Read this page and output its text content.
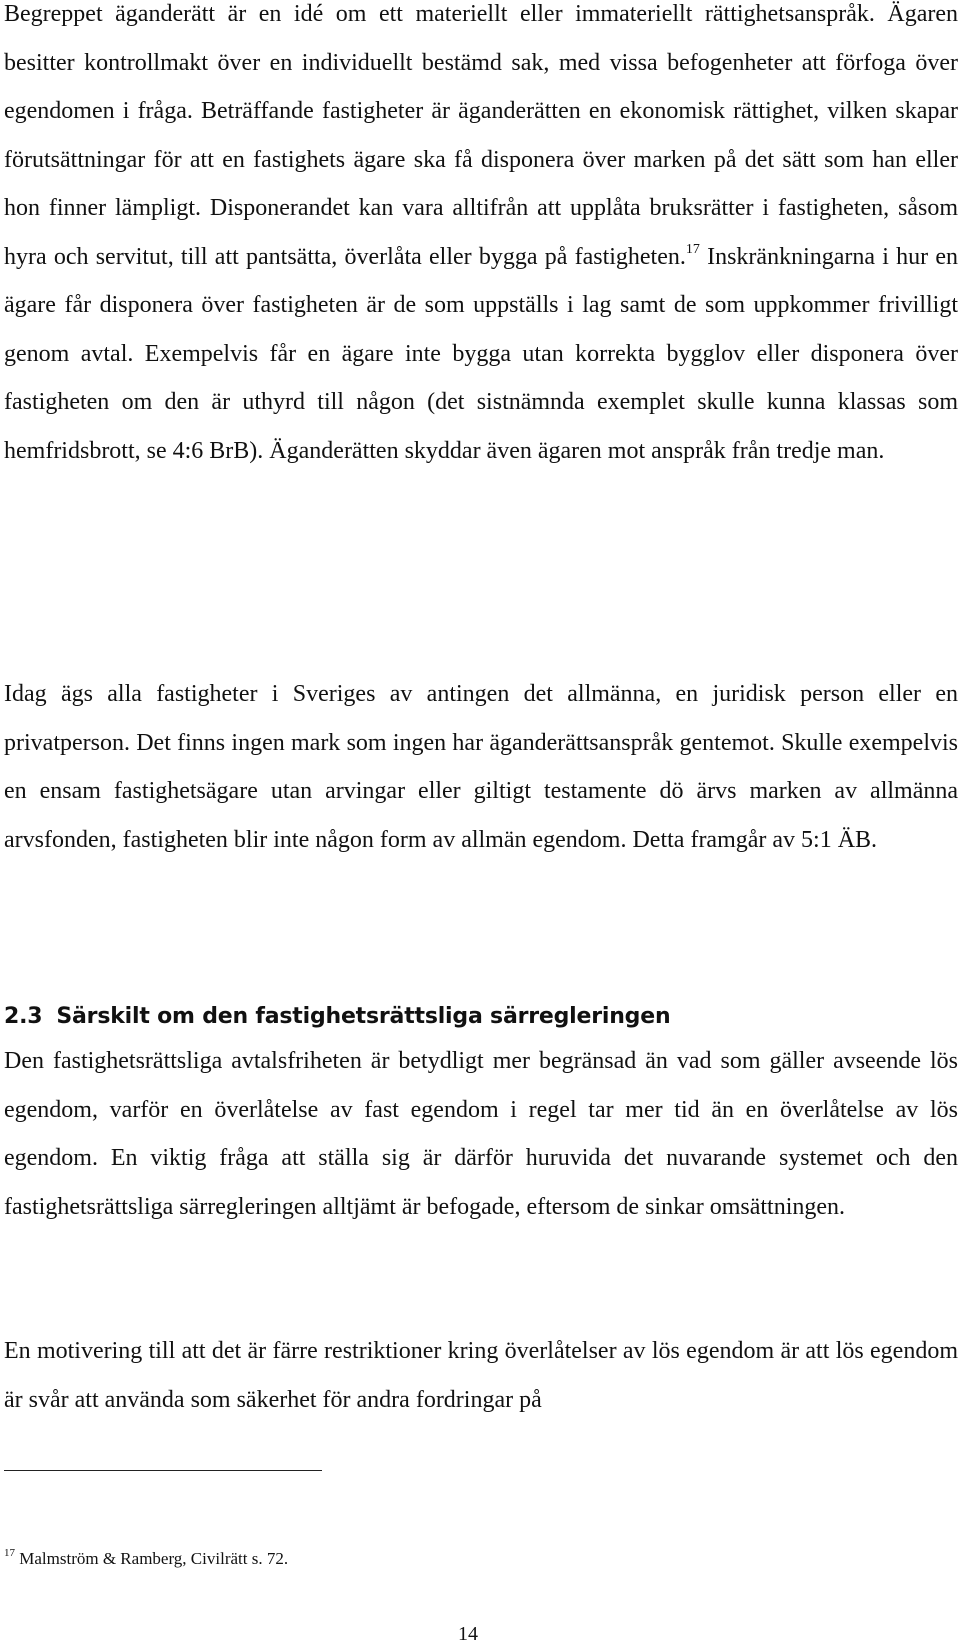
Begreppet äganderätt är en idé om ett materiellt eller immateriellt rättighetsanspråk. Ägaren besitter kontrollmakt över en individuellt bestämd sak, med vissa befogenheter att förfoga över egendomen i fråga. Beträffande fastigheter är äganderätten en ekonomisk rättighet, vilken skapar förutsättningar för att en fastighets ägare ska få disponera över marken på det sätt som han eller hon finner lämpligt. Disponerandet kan vara alltifrån att upplåta bruksrätter i fastigheten, såsom hyra och servitut, till att pantsätta, överlåta eller bygga på fastigheten.$^{17}$ Inskränkningarna i hur en ägare får disponera över fastigheten är de som uppställs i lag samt de som uppkommer frivilligt genom avtal. Exempelvis får en ägare inte bygga utan korrekta bygglov eller disponera över fastigheten om den är uthyrd till någon (det sistnämnda exemplet skulle kunna klassas som hemfridsbrott, se 4:6 BrB). Äganderätten skyddar även ägaren mot anspråk från tredje man.

Idag ägs alla fastigheter i Sveriges av antingen det allmänna, en juridisk person eller en privatperson. Det finns ingen mark som ingen har äganderättsanspråk gentemot. Skulle exempelvis en ensam fastighetsägare utan arvingar eller giltigt testamente dö ärvs marken av allmänna arvsfonden, fastigheten blir inte någon form av allmän egendom. Detta framgår av 5:1 ÄB.

2.3 Särskilt om den fastighetsrättsliga särregleringen

Den fastighetsrättsliga avtalsfriheten är betydligt mer begränsad än vad som gäller avseende lös egendom, varför en överlåtelse av fast egendom i regel tar mer tid än en överlåtelse av lös egendom. En viktig fråga att ställa sig är därför huruvida det nuvarande systemet och den fastighetsrättsliga särregleringen alltjämt är befogade, eftersom de sinkar omsättningen.

En motivering till att det är färre restriktioner kring överlåtelser av lös egendom är att lös egendom är svår att använda som säkerhet för andra fordringar på

$^{17}$ Malmström & Ramberg, Civilrätt s. 72.

14
